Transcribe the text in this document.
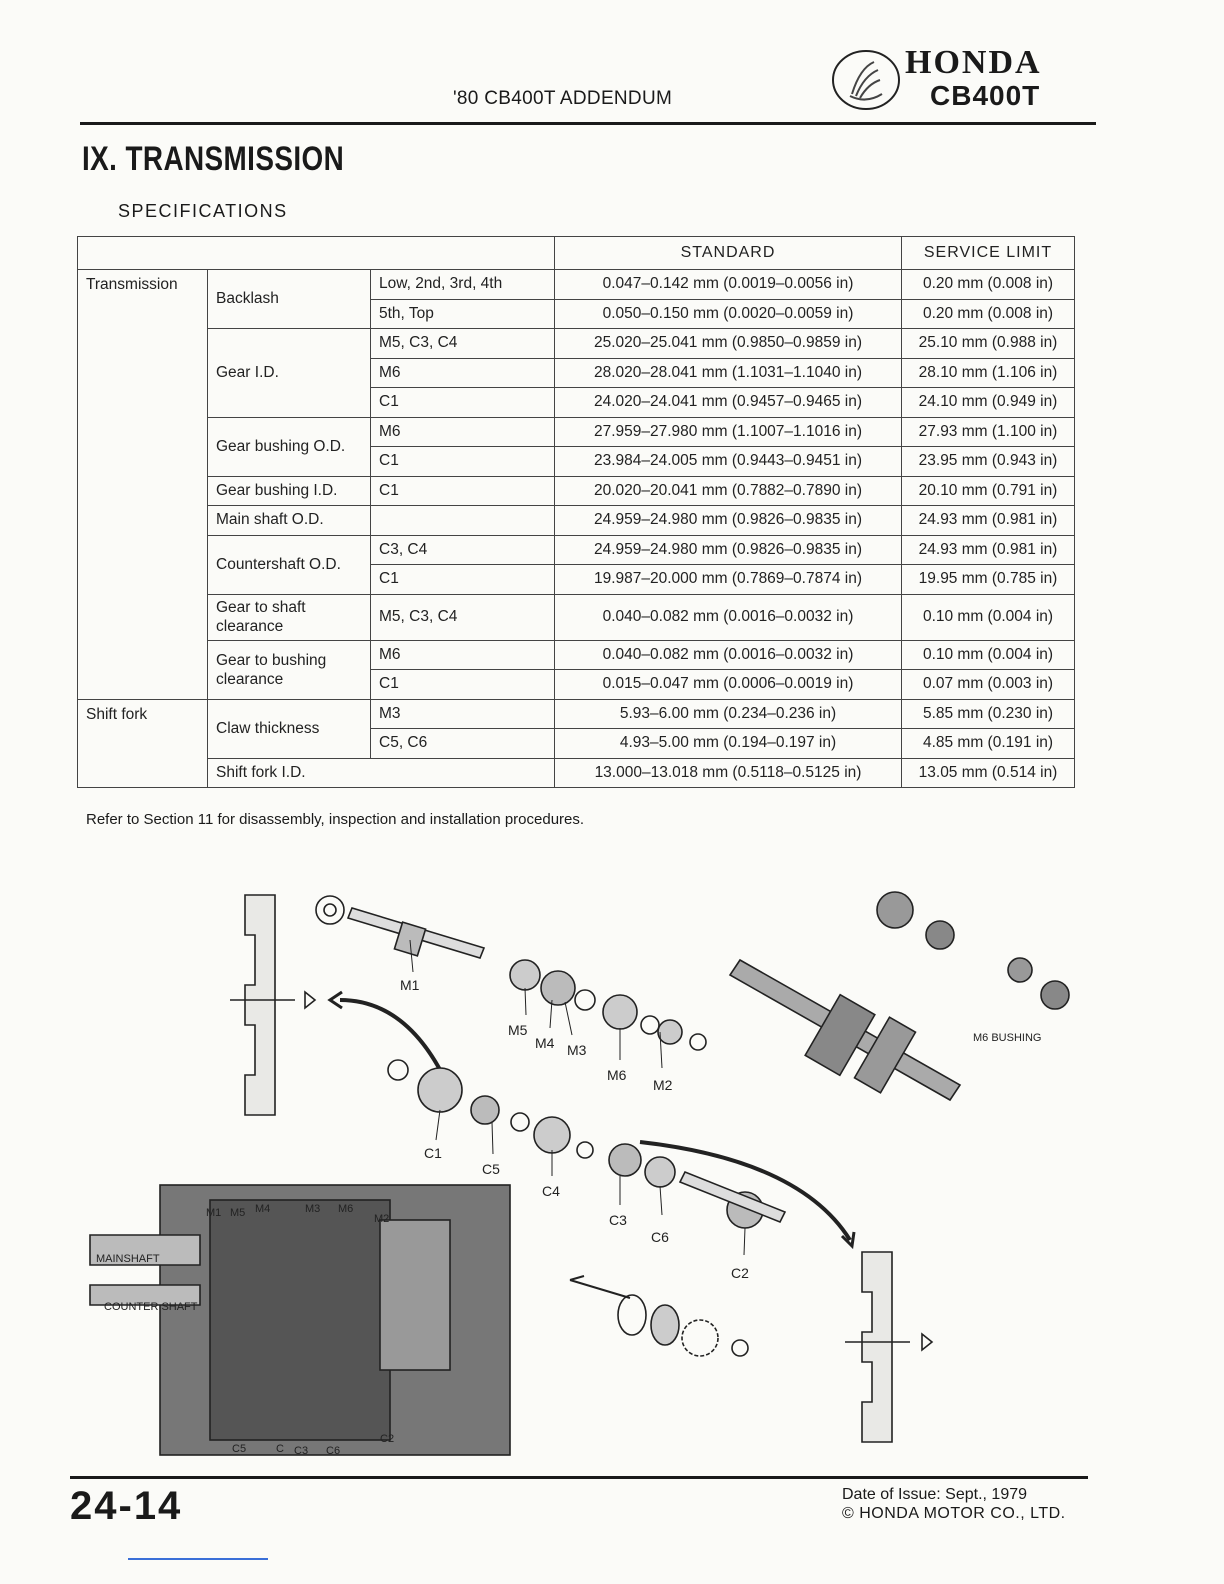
'80 CB400T ADDENDUM
HONDA
CB400T
IX. TRANSMISSION
SPECIFICATIONS
			STANDARD	SERVICE LIMIT
Transmission	Backlash	Low, 2nd, 3rd, 4th	0.047–0.142 mm (0.0019–0.0056 in)	0.20 mm (0.008 in)
		5th, Top	0.050–0.150 mm (0.0020–0.0059 in)	0.20 mm (0.008 in)
	Gear I.D.	M5, C3, C4	25.020–25.041 mm (0.9850–0.9859 in)	25.10 mm (0.988 in)
		M6	28.020–28.041 mm (1.1031–1.1040 in)	28.10 mm (1.106 in)
		C1	24.020–24.041 mm (0.9457–0.9465 in)	24.10 mm (0.949 in)
	Gear bushing O.D.	M6	27.959–27.980 mm (1.1007–1.1016 in)	27.93 mm (1.100 in)
		C1	23.984–24.005 mm (0.9443–0.9451 in)	23.95 mm (0.943 in)
	Gear bushing I.D.	C1	20.020–20.041 mm (0.7882–0.7890 in)	20.10 mm (0.791 in)
	Main shaft O.D.		24.959–24.980 mm (0.9826–0.9835 in)	24.93 mm (0.981 in)
	Countershaft O.D.	C3, C4	24.959–24.980 mm (0.9826–0.9835 in)	24.93 mm (0.981 in)
		C1	19.987–20.000 mm (0.7869–0.7874 in)	19.95 mm (0.785 in)
	Gear to shaft clearance	M5, C3, C4	0.040–0.082 mm (0.0016–0.0032 in)	0.10 mm (0.004 in)
	Gear to bushing clearance	M6	0.040–0.082 mm (0.0016–0.0032 in)	0.10 mm (0.004 in)
		C1	0.015–0.047 mm (0.0006–0.0019 in)	0.07 mm (0.003 in)
Shift fork	Claw thickness	M3	5.93–6.00 mm (0.234–0.236 in)	5.85 mm (0.230 in)
		C5, C6	4.93–5.00 mm (0.194–0.197 in)	4.85 mm (0.191 in)
	Shift fork I.D.		13.000–13.018 mm (0.5118–0.5125 in)	13.05 mm (0.514 in)
Refer to Section 11 for disassembly, inspection and installation procedures.
M1
M5
M4 M3
M6
M2
C1
C5
C4
C3
C6
C2
M6 BUSHING
MAINSHAFT
COUNTER SHAFT
M1 M5 M4	M3 M6
M2
C5	C C3 C6
C2
24-14	Date of Issue: Sept., 1979
© HONDA MOTOR CO., LTD.
